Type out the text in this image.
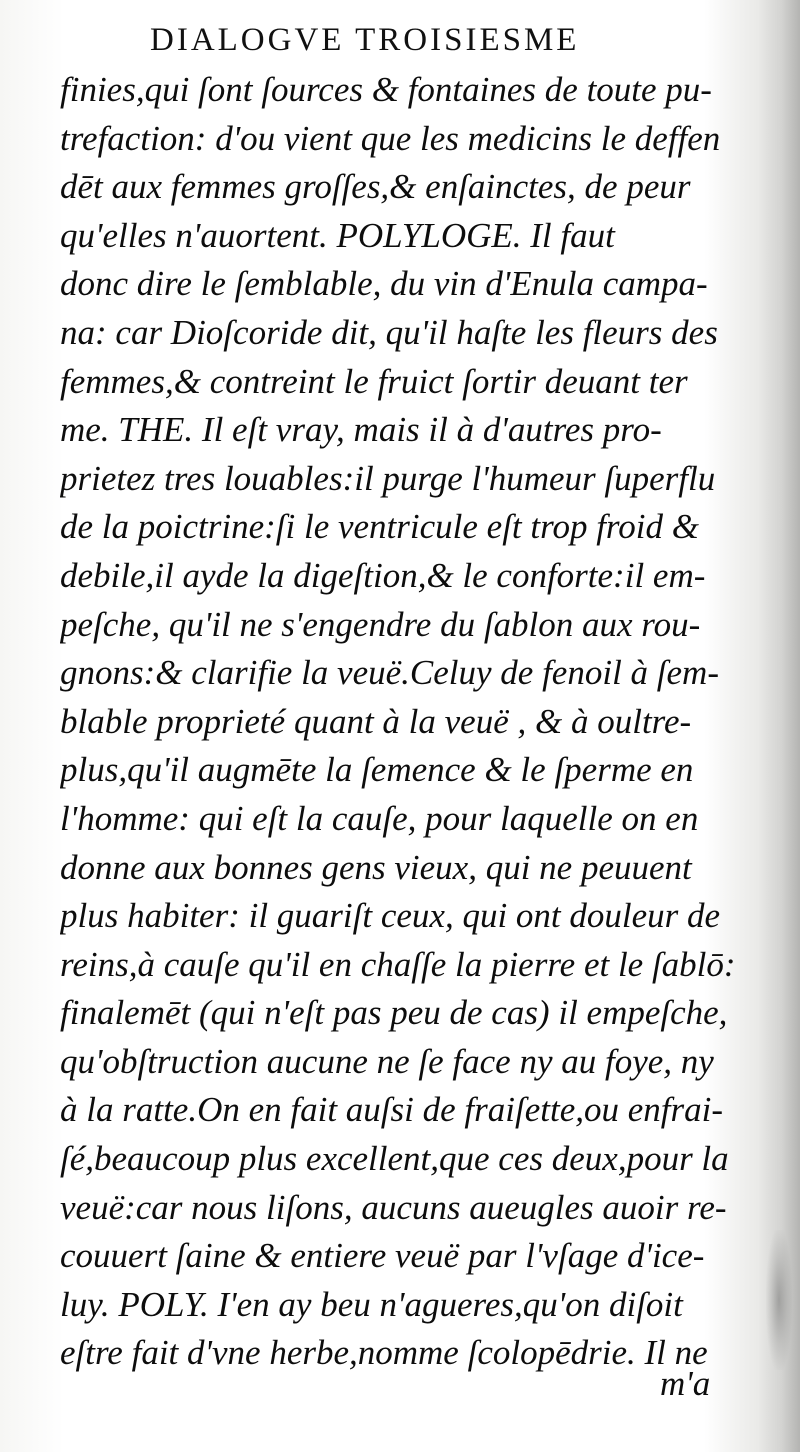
DIALOGVE TROISIESME
finies,qui ſont ſources & fontaines de toute pu-
trefaction: d'ou vient que les medicins le deffen
dēt aux femmes groſſes,& enſainctes, de peur
qu'elles n'auortent. POLYLOGE. Il faut
donc dire le ſemblable, du vin d'Enula campa-
na: car Dioſcoride dit, qu'il haſte les fleurs des
femmes,& contreint le fruict ſortir deuant ter
me. THE. Il eſt vray, mais il à d'autres pro-
prietez tres louables:il purge l'humeur ſuperflu
de la poictrine:ſi le ventricule eſt trop froid &
debile,il ayde la digeſtion,& le conforte:il em-
peſche, qu'il ne s'engendre du ſablon aux rou-
gnons:& clarifie la veuë.Celuy de fenoil à ſem-
blable proprieté quant à la veuë , & à oultre-
plus,qu'il augmēte la ſemence & le ſperme en
l'homme: qui eſt la cauſe, pour laquelle on en
donne aux bonnes gens vieux, qui ne peuuent
plus habiter: il guariſt ceux, qui ont douleur de
reins,à cauſe qu'il en chaſſe la pierre et le ſablō:
finalemēt (qui n'eſt pas peu de cas) il empeſche,
qu'obſtruction aucune ne ſe face ny au foye, ny
à la ratte.On en fait auſsi de fraiſette,ou enfrai-
ſé,beaucoup plus excellent,que ces deux,pour la
veuë:car nous liſons, aucuns aueugles auoir re-
couuert ſaine & entiere veuë par l'vſage d'ice-
luy. POLY. I'en ay beu n'agueres,qu'on diſoit
eſtre fait d'vne herbe,nomme ſcolopēdrie. Il ne
m'a
